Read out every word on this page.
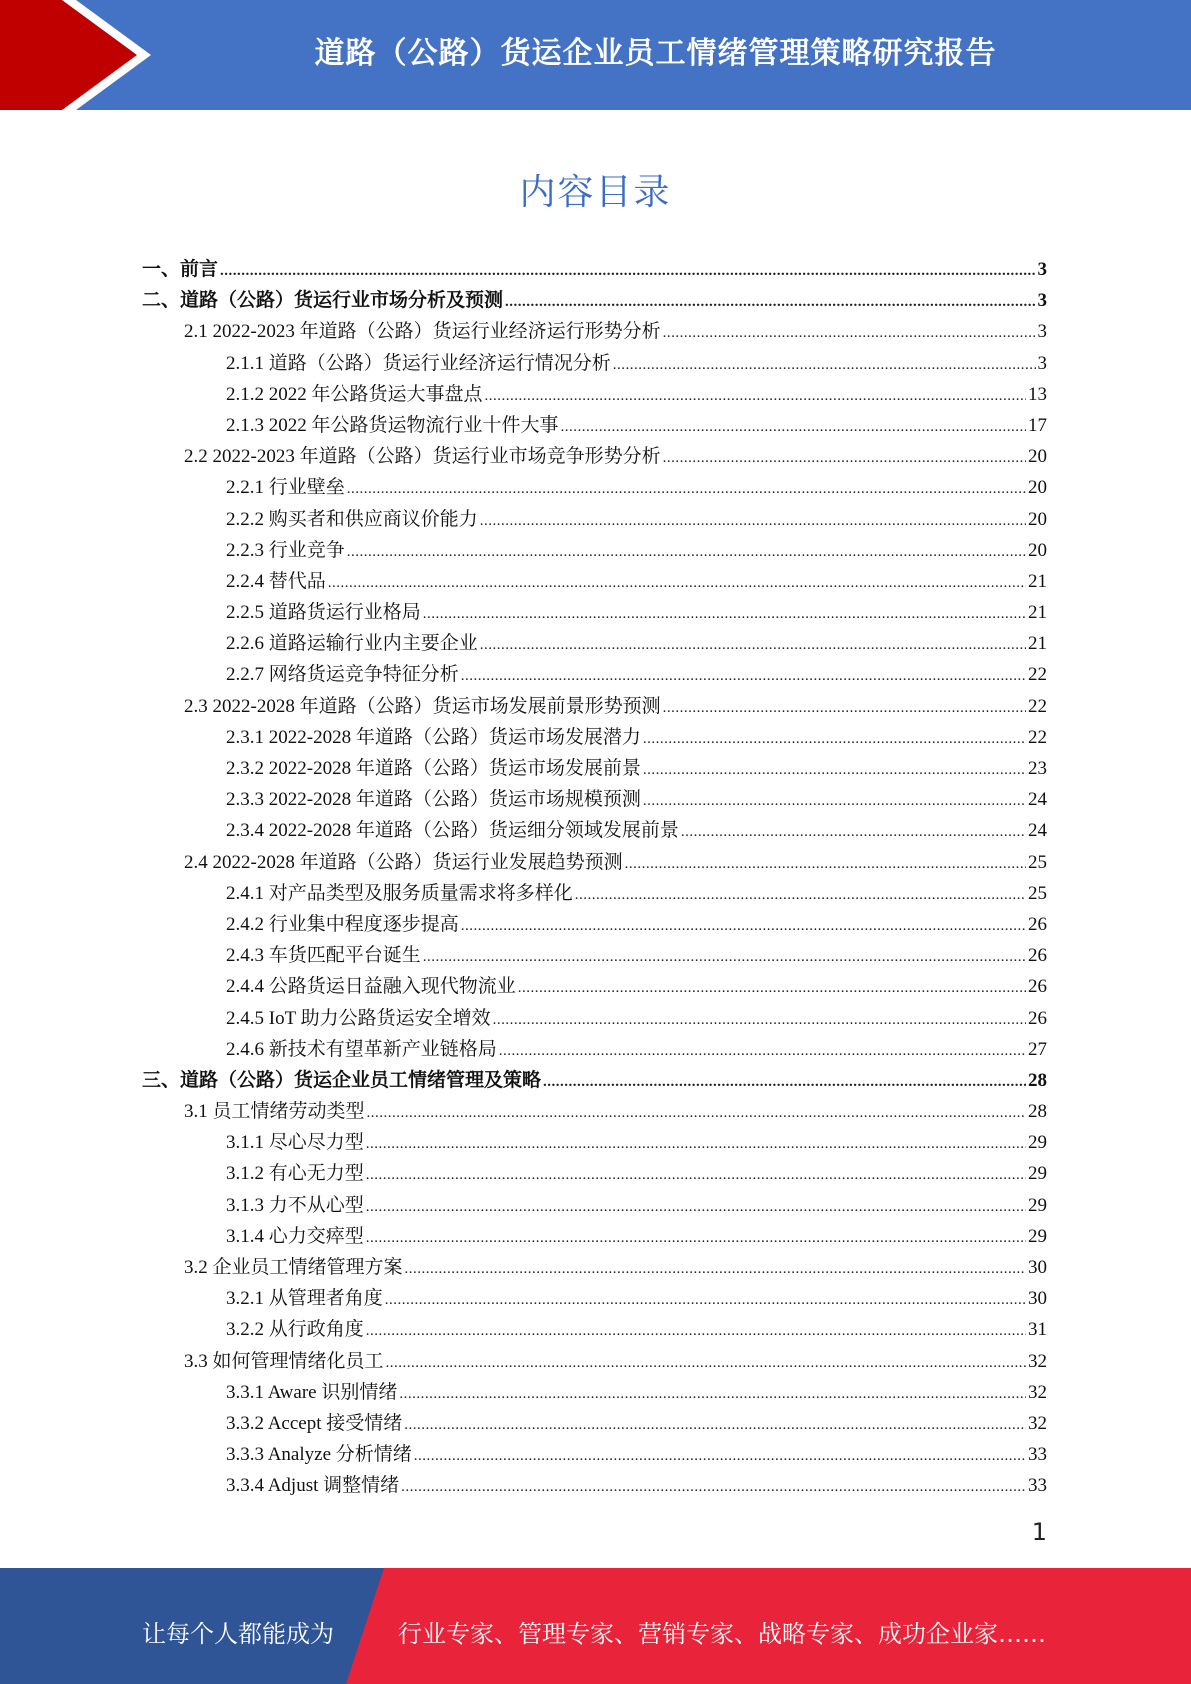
道路（公路）货运企业员工情绪管理策略研究报告
内容目录
一、前言 .....	3
二、道路（公路）货运行业市场分析及预测 .....	3
2.1 2022-2023 年道路（公路）货运行业经济运行形势分析 .....	3
2.1.1 道路（公路）货运行业经济运行情况分析 .....	3
2.1.2 2022 年公路货运大事盘点 .....	13
2.1.3 2022 年公路货运物流行业十件大事 .....	17
2.2 2022-2023 年道路（公路）货运行业市场竞争形势分析 .....	20
2.2.1 行业壁垒 .....	20
2.2.2 购买者和供应商议价能力 .....	20
2.2.3 行业竞争 .....	20
2.2.4 替代品 .....	21
2.2.5 道路货运行业格局 .....	21
2.2.6 道路运输行业内主要企业 .....	21
2.2.7 网络货运竞争特征分析 .....	22
2.3 2022-2028 年道路（公路）货运市场发展前景形势预测 .....	22
2.3.1 2022-2028 年道路（公路）货运市场发展潜力 .....	22
2.3.2 2022-2028 年道路（公路）货运市场发展前景 .....	23
2.3.3 2022-2028 年道路（公路）货运市场规模预测 .....	24
2.3.4 2022-2028 年道路（公路）货运细分领域发展前景 .....	24
2.4 2022-2028 年道路（公路）货运行业发展趋势预测 .....	25
2.4.1 对产品类型及服务质量需求将多样化 .....	25
2.4.2 行业集中程度逐步提高 .....	26
2.4.3 车货匹配平台诞生 .....	26
2.4.4 公路货运日益融入现代物流业 .....	26
2.4.5 IoT 助力公路货运安全增效 .....	26
2.4.6 新技术有望革新产业链格局 .....	27
三、道路（公路）货运企业员工情绪管理及策略 .....	28
3.1 员工情绪劳动类型 .....	28
3.1.1 尽心尽力型 .....	29
3.1.2 有心无力型 .....	29
3.1.3 力不从心型 .....	29
3.1.4 心力交瘁型 .....	29
3.2 企业员工情绪管理方案 .....	30
3.2.1 从管理者角度 .....	30
3.2.2 从行政角度 .....	31
3.3 如何管理情绪化员工 .....	32
3.3.1 Aware 识别情绪 .....	32
3.3.2 Accept 接受情绪 .....	32
3.3.3 Analyze 分析情绪 .....	33
3.3.4 Adjust 调整情绪 .....	33
1
让每个人都能成为	行业专家、管理专家、营销专家、战略专家、成功企业家……
